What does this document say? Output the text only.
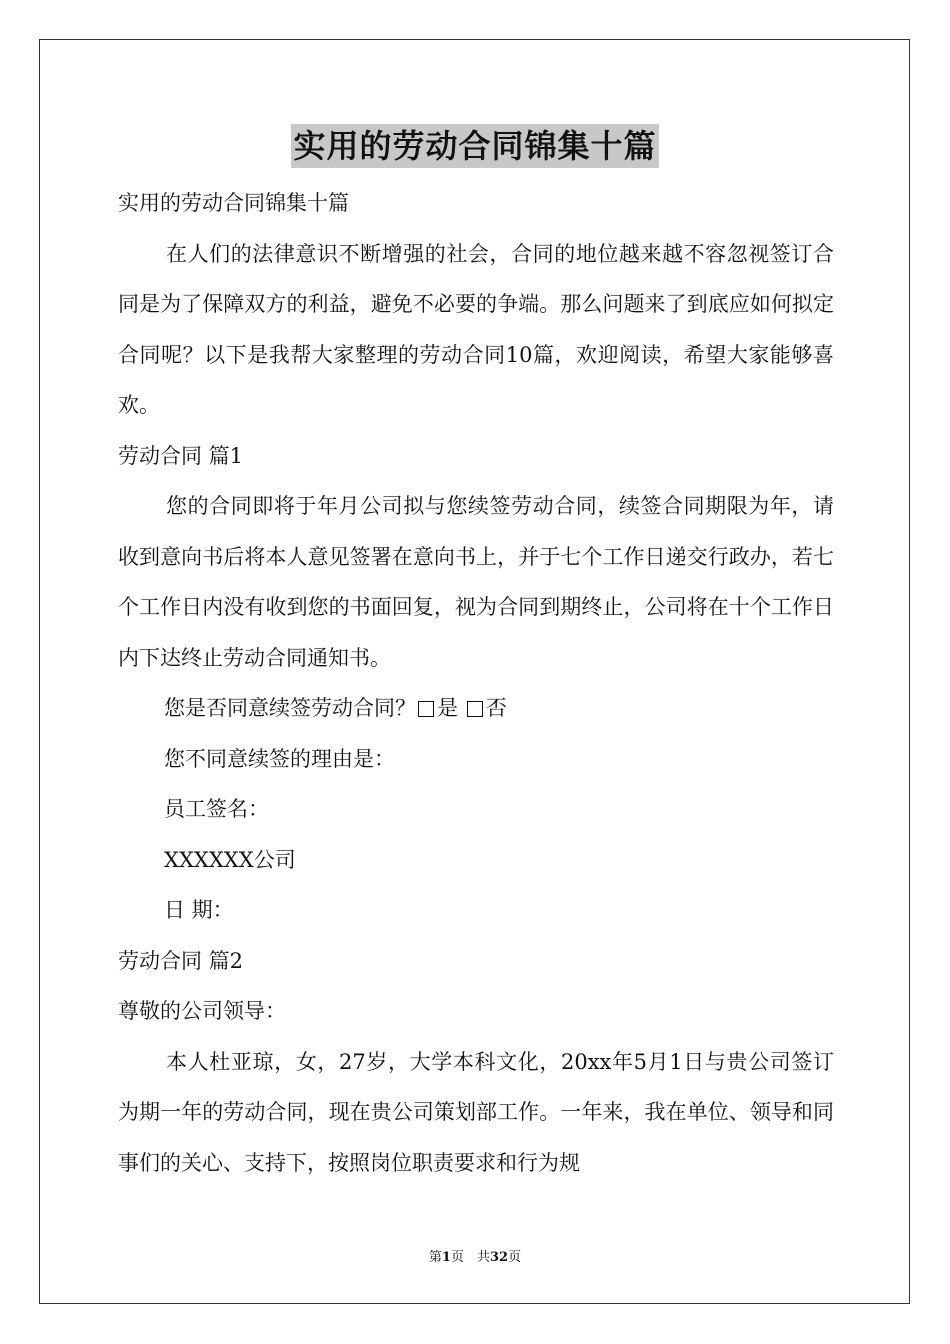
实用的劳动合同锦集十篇

实用的劳动合同锦集十篇

在人们的法律意识不断增强的社会，合同的地位越来越不容忽视签订合同是为了保障双方的利益，避免不必要的争端。那么问题来了到底应如何拟定合同呢？以下是我帮大家整理的劳动合同10篇，欢迎阅读，希望大家能够喜欢。

劳动合同 篇1

您的合同即将于年月公司拟与您续签劳动合同，续签合同期限为年，请收到意向书后将本人意见签署在意向书上，并于七个工作日递交行政办，若七个工作日内没有收到您的书面回复，视为合同到期终止，公司将在十个工作日内下达终止劳动合同通知书。

您是否同意续签劳动合同？ 是 否

您不同意续签的理由是：

员工签名：

XXXXXX公司

日 期：

劳动合同 篇2

尊敬的公司领导：

本人杜亚琼，女，27岁，大学本科文化，20xx年5月1日与贵公司签订为期一年的劳动合同，现在贵公司策划部工作。一年来，我在单位、领导和同事们的关心、支持下，按照岗位职责要求和行为规

第1页　共32页
